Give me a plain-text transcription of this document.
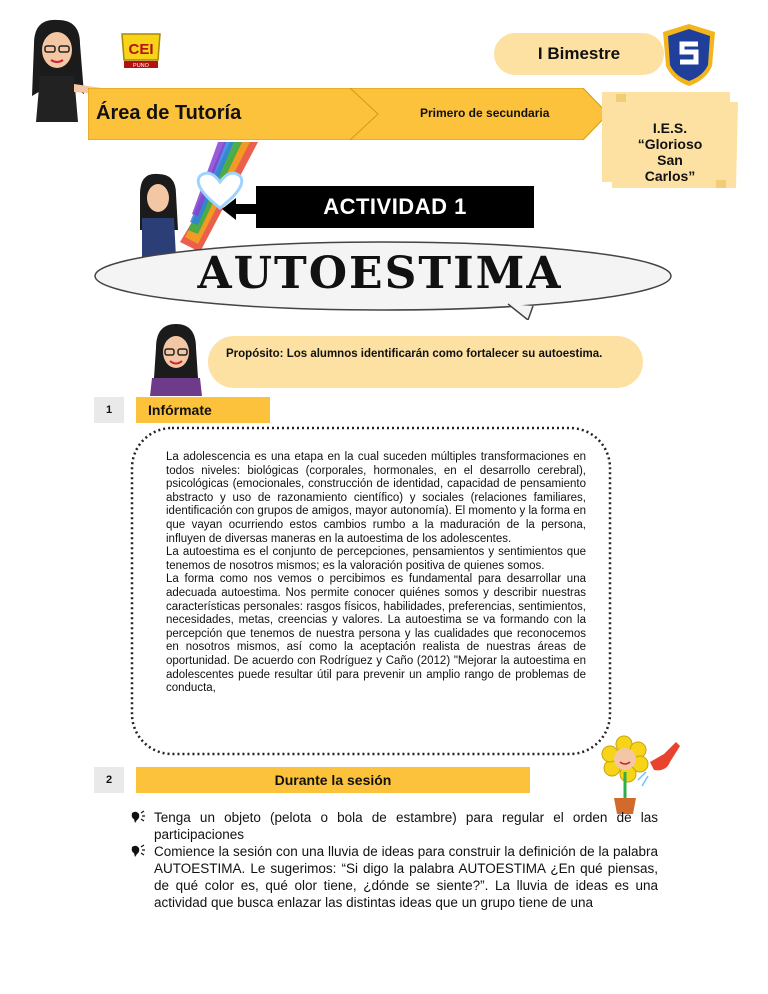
CEI
PUNO
I Bimestre
Área de Tutoría	Primero de secundaria
I.E.S.
“Glorioso
San
Carlos”
ACTIVIDAD 1
AUTOESTIMA
Propósito: Los alumnos identificarán como fortalecer su autoestima.
1	Infórmate

La adolescencia es una etapa en la cual suceden múltiples transformaciones en todos niveles: biológicas (corporales, hormonales, en el desarrollo cerebral), psicológicas (emocionales, construcción de identidad, capacidad de pensamiento abstracto y uso de razonamiento científico) y sociales (relaciones familiares, identificación con grupos de amigos, mayor autonomía). El momento y la forma en que vayan ocurriendo estos cambios rumbo a la maduración de la persona, influyen de diversas maneras en la autoestima de los adolescentes.

La autoestima es el conjunto de percepciones, pensamientos y sentimientos que tenemos de nosotros mismos; es la valoración positiva de quienes somos.

La forma como nos vemos o percibimos es fundamental para desarrollar una adecuada autoestima. Nos permite conocer quiénes somos y describir nuestras características personales: rasgos físicos, habilidades, preferencias, sentimientos, necesidades, metas, creencias y valores. La autoestima se va formando con la percepción que tenemos de nuestra persona y las cualidades que reconocemos en nosotros mismos, así como la aceptación realista de nuestras áreas de oportunidad. De acuerdo con Rodríguez y Caño (2012) "Mejorar la autoestima en adolescentes puede resultar útil para prevenir un amplio rango de problemas de conducta,

2	Durante la sesión
Tenga un objeto (pelota o bola de estambre) para regular el orden de las participaciones
Comience la sesión con una lluvia de ideas para construir la definición de la palabra AUTOESTIMA. Le sugerimos: “Si digo la palabra AUTOESTIMA ¿En qué piensas, de qué color es, qué olor tiene, ¿dónde se siente?”. La lluvia de ideas es una actividad que busca enlazar las distintas ideas que un grupo tiene de una
